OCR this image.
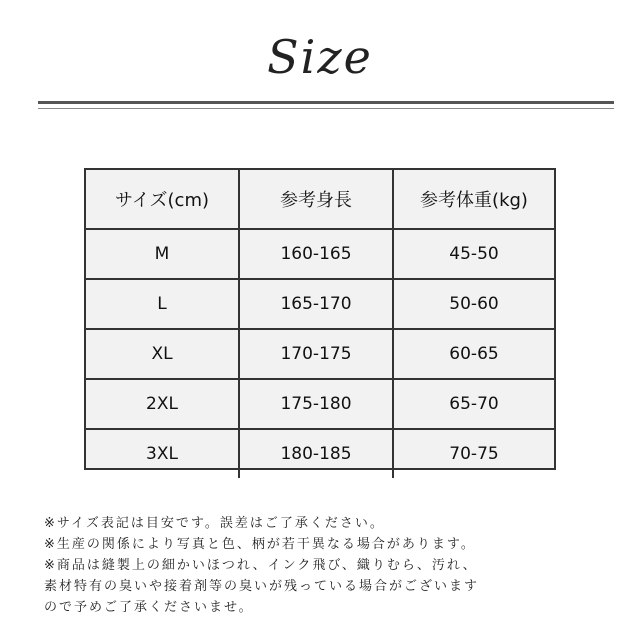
Size
サイズ(cm)	参考身長	参考体重(kg)
M	160-165	45-50
L	165-170	50-60
XL	170-175	60-65
2XL	175-180	65-70
3XL	180-185	70-75
※サイズ表記は目安です。誤差はご了承ください。
※生産の関係により写真と色、柄が若干異なる場合があります。
※商品は縫製上の細かいほつれ、インク飛び、織りむら、汚れ、
素材特有の臭いや接着剤等の臭いが残っている場合がございます
ので予めご了承くださいませ。
